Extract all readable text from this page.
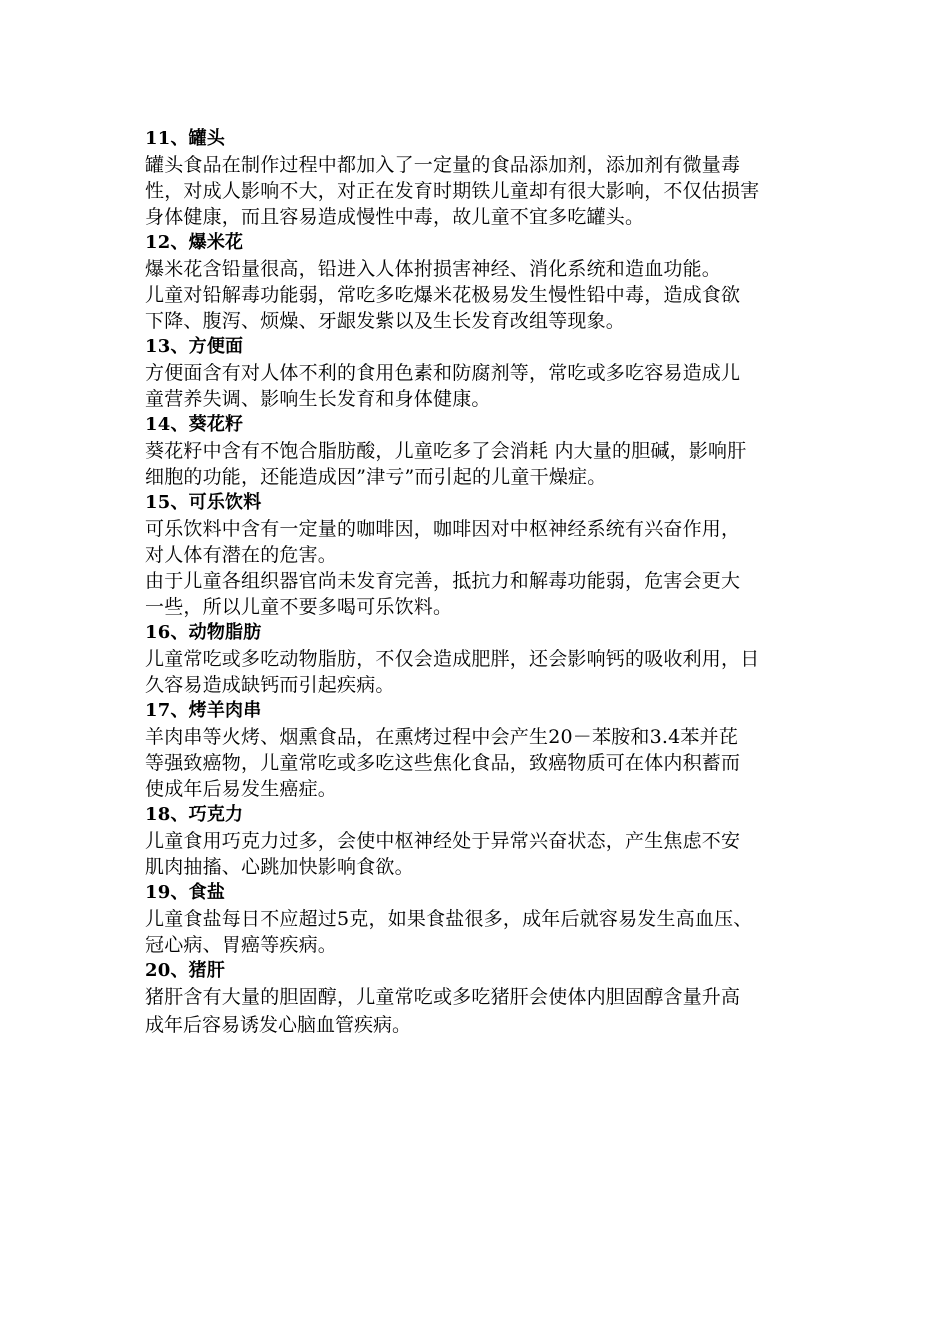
11、罐头
罐头食品在制作过程中都加入了一定量的食品添加剂，添加剂有微量毒
性，对成人影响不大，对正在发育时期铁儿童却有很大影响，不仅估损害
身体健康，而且容易造成慢性中毒，故儿童不宜多吃罐头。
12、爆米花
爆米花含铅量很高，铅进入人体拊损害神经、消化系统和造血功能。
儿童对铅解毒功能弱，常吃多吃爆米花极易发生慢性铅中毒，造成食欲
下降、腹泻、烦燥、牙龈发紫以及生长发育改组等现象。
13、方便面
方便面含有对人体不利的食用色素和防腐剂等，常吃或多吃容易造成儿
童营养失调、影响生长发育和身体健康。
14、葵花籽
葵花籽中含有不饱合脂肪酸，儿童吃多了会消耗 内大量的胆碱，影响肝
细胞的功能，还能造成因”津亏”而引起的儿童干燥症。
15、可乐饮料
可乐饮料中含有一定量的咖啡因，咖啡因对中枢神经系统有兴奋作用，
对人体有潜在的危害。
由于儿童各组织器官尚未发育完善，抵抗力和解毒功能弱，危害会更大
一些，所以儿童不要多喝可乐饮料。
16、动物脂肪
儿童常吃或多吃动物脂肪，不仅会造成肥胖，还会影响钙的吸收利用，日
久容易造成缺钙而引起疾病。
17、烤羊肉串
羊肉串等火烤、烟熏食品，在熏烤过程中会产生20－苯胺和3.4苯并芘
等强致癌物，儿童常吃或多吃这些焦化食品，致癌物质可在体内积蓄而
使成年后易发生癌症。
18、巧克力
儿童食用巧克力过多，会使中枢神经处于异常兴奋状态，产生焦虑不安
肌肉抽搐、心跳加快影响食欲。
19、食盐
儿童食盐每日不应超过5克，如果食盐很多，成年后就容易发生高血压、
冠心病、胃癌等疾病。
20、猪肝
猪肝含有大量的胆固醇，儿童常吃或多吃猪肝会使体内胆固醇含量升高
成年后容易诱发心脑血管疾病。
